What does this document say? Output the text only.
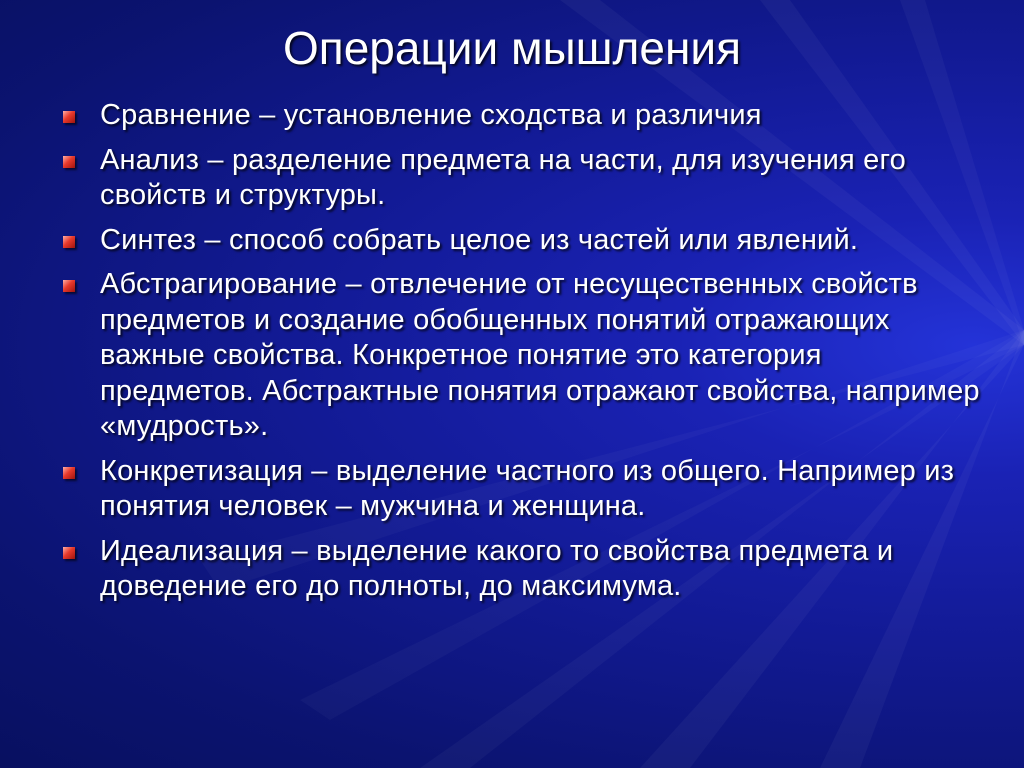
Операции мышления
Сравнение – установление сходства и различия
Анализ – разделение предмета на части, для изучения его свойств и структуры.
Синтез – способ собрать целое из частей или явлений.
Абстрагирование – отвлечение от несущественных свойств предметов и создание обобщенных понятий отражающих важные свойства. Конкретное понятие это категория предметов. Абстрактные понятия отражают свойства, например «мудрость».
Конкретизация – выделение частного из общего. Например из понятия человек – мужчина и женщина.
Идеализация – выделение какого то свойства предмета и доведение его до полноты, до максимума.
